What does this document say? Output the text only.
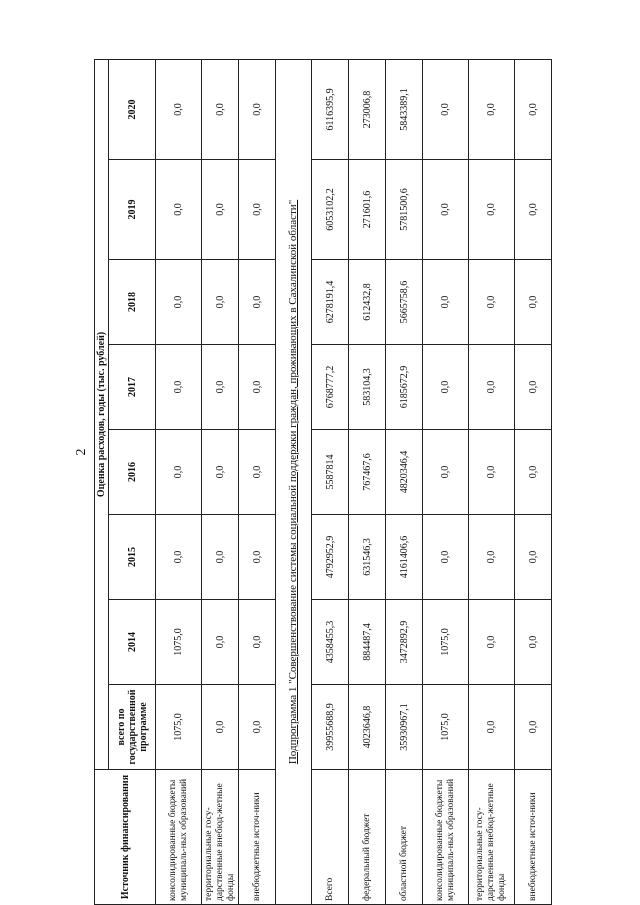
2
Источник финансирования	Оценка расходов, годы (тыс. рублей)							
	всего по государственной программе	2014	2015	2016	2017	2018	2019	2020
консолидированные бюджеты муниципаль-ных образований	1075,0	1075,0	0,0	0,0	0,0	0,0	0,0	0,0
территориальные госу-дарственные внебюд-жетные фонды	0,0	0,0	0,0	0,0	0,0	0,0	0,0	0,0
внебюджетные источ-ники	0,0	0,0	0,0	0,0	0,0	0,0	0,0	0,0
Подпрограмма 1 "Совершенствование системы социальной поддержки граждан, проживающих в Сахалинской области"								
Всего	39955688,9	4358455,3	4792952,9	5587814	6768777,2	6278191,4	6053102,2	6116395,9
федеральный бюджет	4023646,8	884487,4	631546,3	767467,6	583104,3	612432,8	271601,6	273006,8
областной бюджет	35930967,1	3472892,9	4161406,6	4820346,4	6185672,9	5665758,6	5781500,6	5843389,1
консолидированные бюджеты муниципаль-ных образований	1075,0	1075,0	0,0	0,0	0,0	0,0	0,0	0,0
территориальные госу-дарственные внебюд-жетные фонды	0,0	0,0	0,0	0,0	0,0	0,0	0,0	0,0
внебюджетные источ-ники	0,0	0,0	0,0	0,0	0,0	0,0	0,0	0,0
